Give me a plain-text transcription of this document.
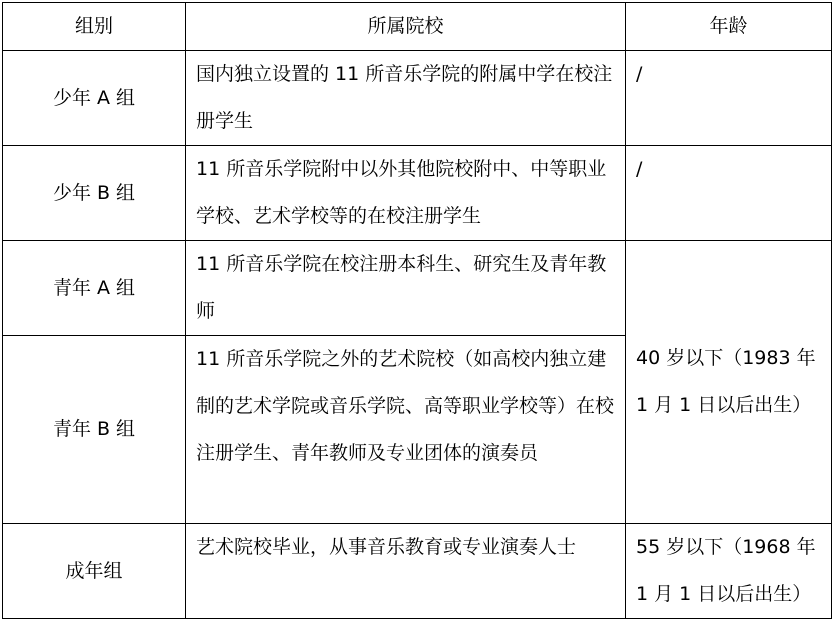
组别	所属院校	年龄
少年 A 组	国内独立设置的 11 所音乐学院的附属中学在校注册学生	/
少年 B 组	11 所音乐学院附中以外其他院校附中、中等职业学校、艺术学校等的在校注册学生	/
青年 A 组	11 所音乐学院在校注册本科生、研究生及青年教师	40 岁以下（1983 年 1 月 1 日以后出生）
青年 B 组	11 所音乐学院之外的艺术院校（如高校内独立建制的艺术学院或音乐学院、高等职业学校等）在校注册学生、青年教师及专业团体的演奏员	
成年组	艺术院校毕业，从事音乐教育或专业演奏人士	55 岁以下（1968 年 1 月 1 日以后出生）
